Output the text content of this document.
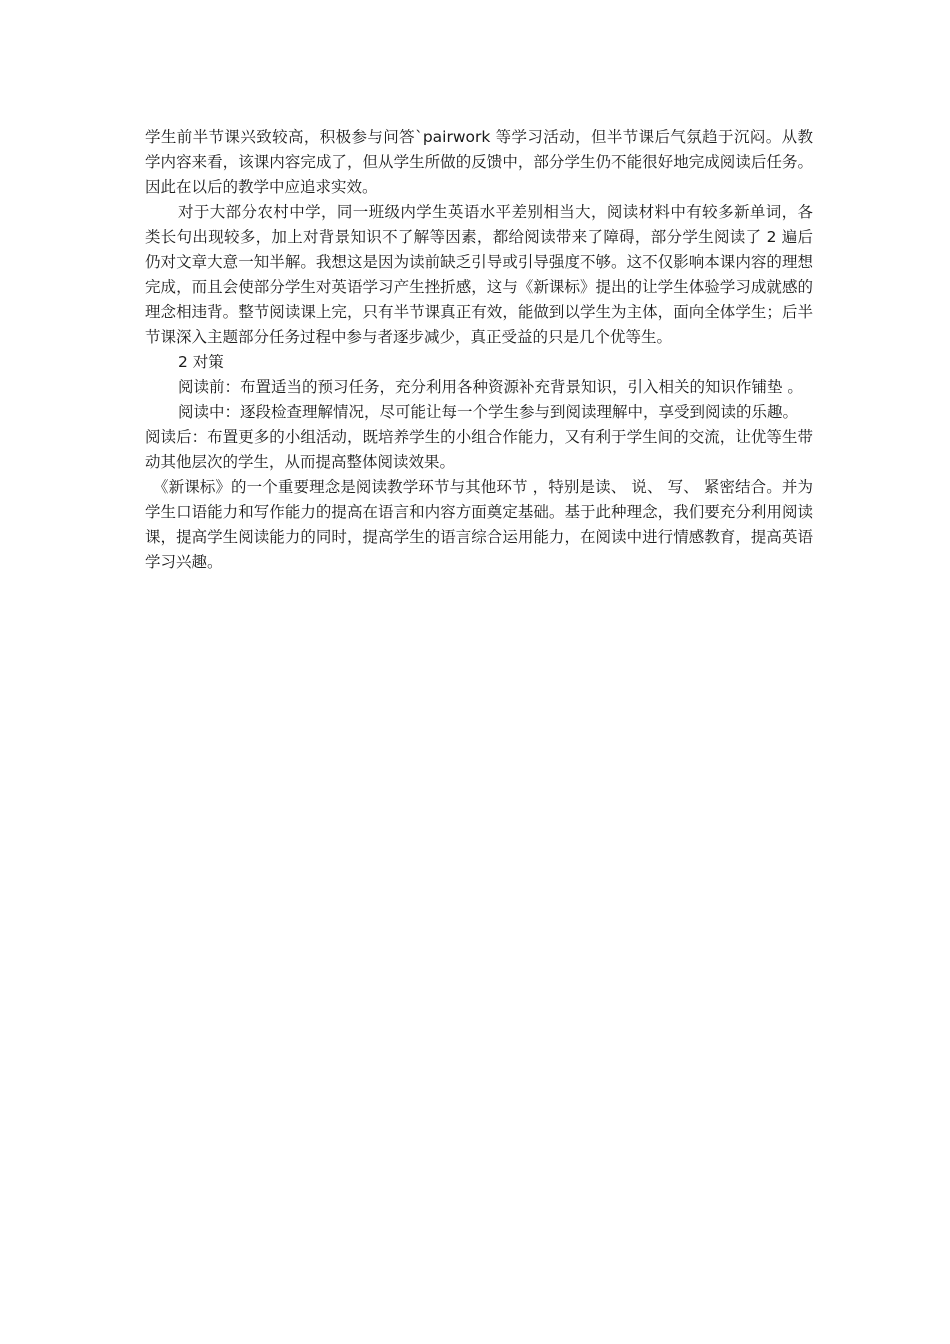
学生前半节课兴致较高，积极参与问答`pairwork 等学习活动，但半节课后气氛趋于沉闷。从教学内容来看，该课内容完成了，但从学生所做的反馈中，部分学生仍不能很好地完成阅读后任务。因此在以后的教学中应追求实效。

对于大部分农村中学，同一班级内学生英语水平差别相当大，阅读材料中有较多新单词，各类长句出现较多，加上对背景知识不了解等因素，都给阅读带来了障碍，部分学生阅读了 2 遍后仍对文章大意一知半解。我想这是因为读前缺乏引导或引导强度不够。这不仅影响本课内容的理想完成，而且会使部分学生对英语学习产生挫折感，这与《新课标》提出的让学生体验学习成就感的理念相违背。整节阅读课上完，只有半节课真正有效，能做到以学生为主体，面向全体学生；后半节课深入主题部分任务过程中参与者逐步减少，真正受益的只是几个优等生。

2 对策

阅读前：布置适当的预习任务，充分利用各种资源补充背景知识，引入相关的知识作铺垫 。

阅读中：逐段检查理解情况，尽可能让每一个学生参与到阅读理解中，享受到阅读的乐趣。

阅读后：布置更多的小组活动，既培养学生的小组合作能力，又有利于学生间的交流，让优等生带动其他层次的学生，从而提高整体阅读效果。

《新课标》的一个重要理念是阅读教学环节与其他环节 ，特别是读、 说、 写、 紧密结合。并为学生口语能力和写作能力的提高在语言和内容方面奠定基础。基于此种理念，我们要充分利用阅读课，提高学生阅读能力的同时，提高学生的语言综合运用能力，在阅读中进行情感教育，提高英语学习兴趣。
